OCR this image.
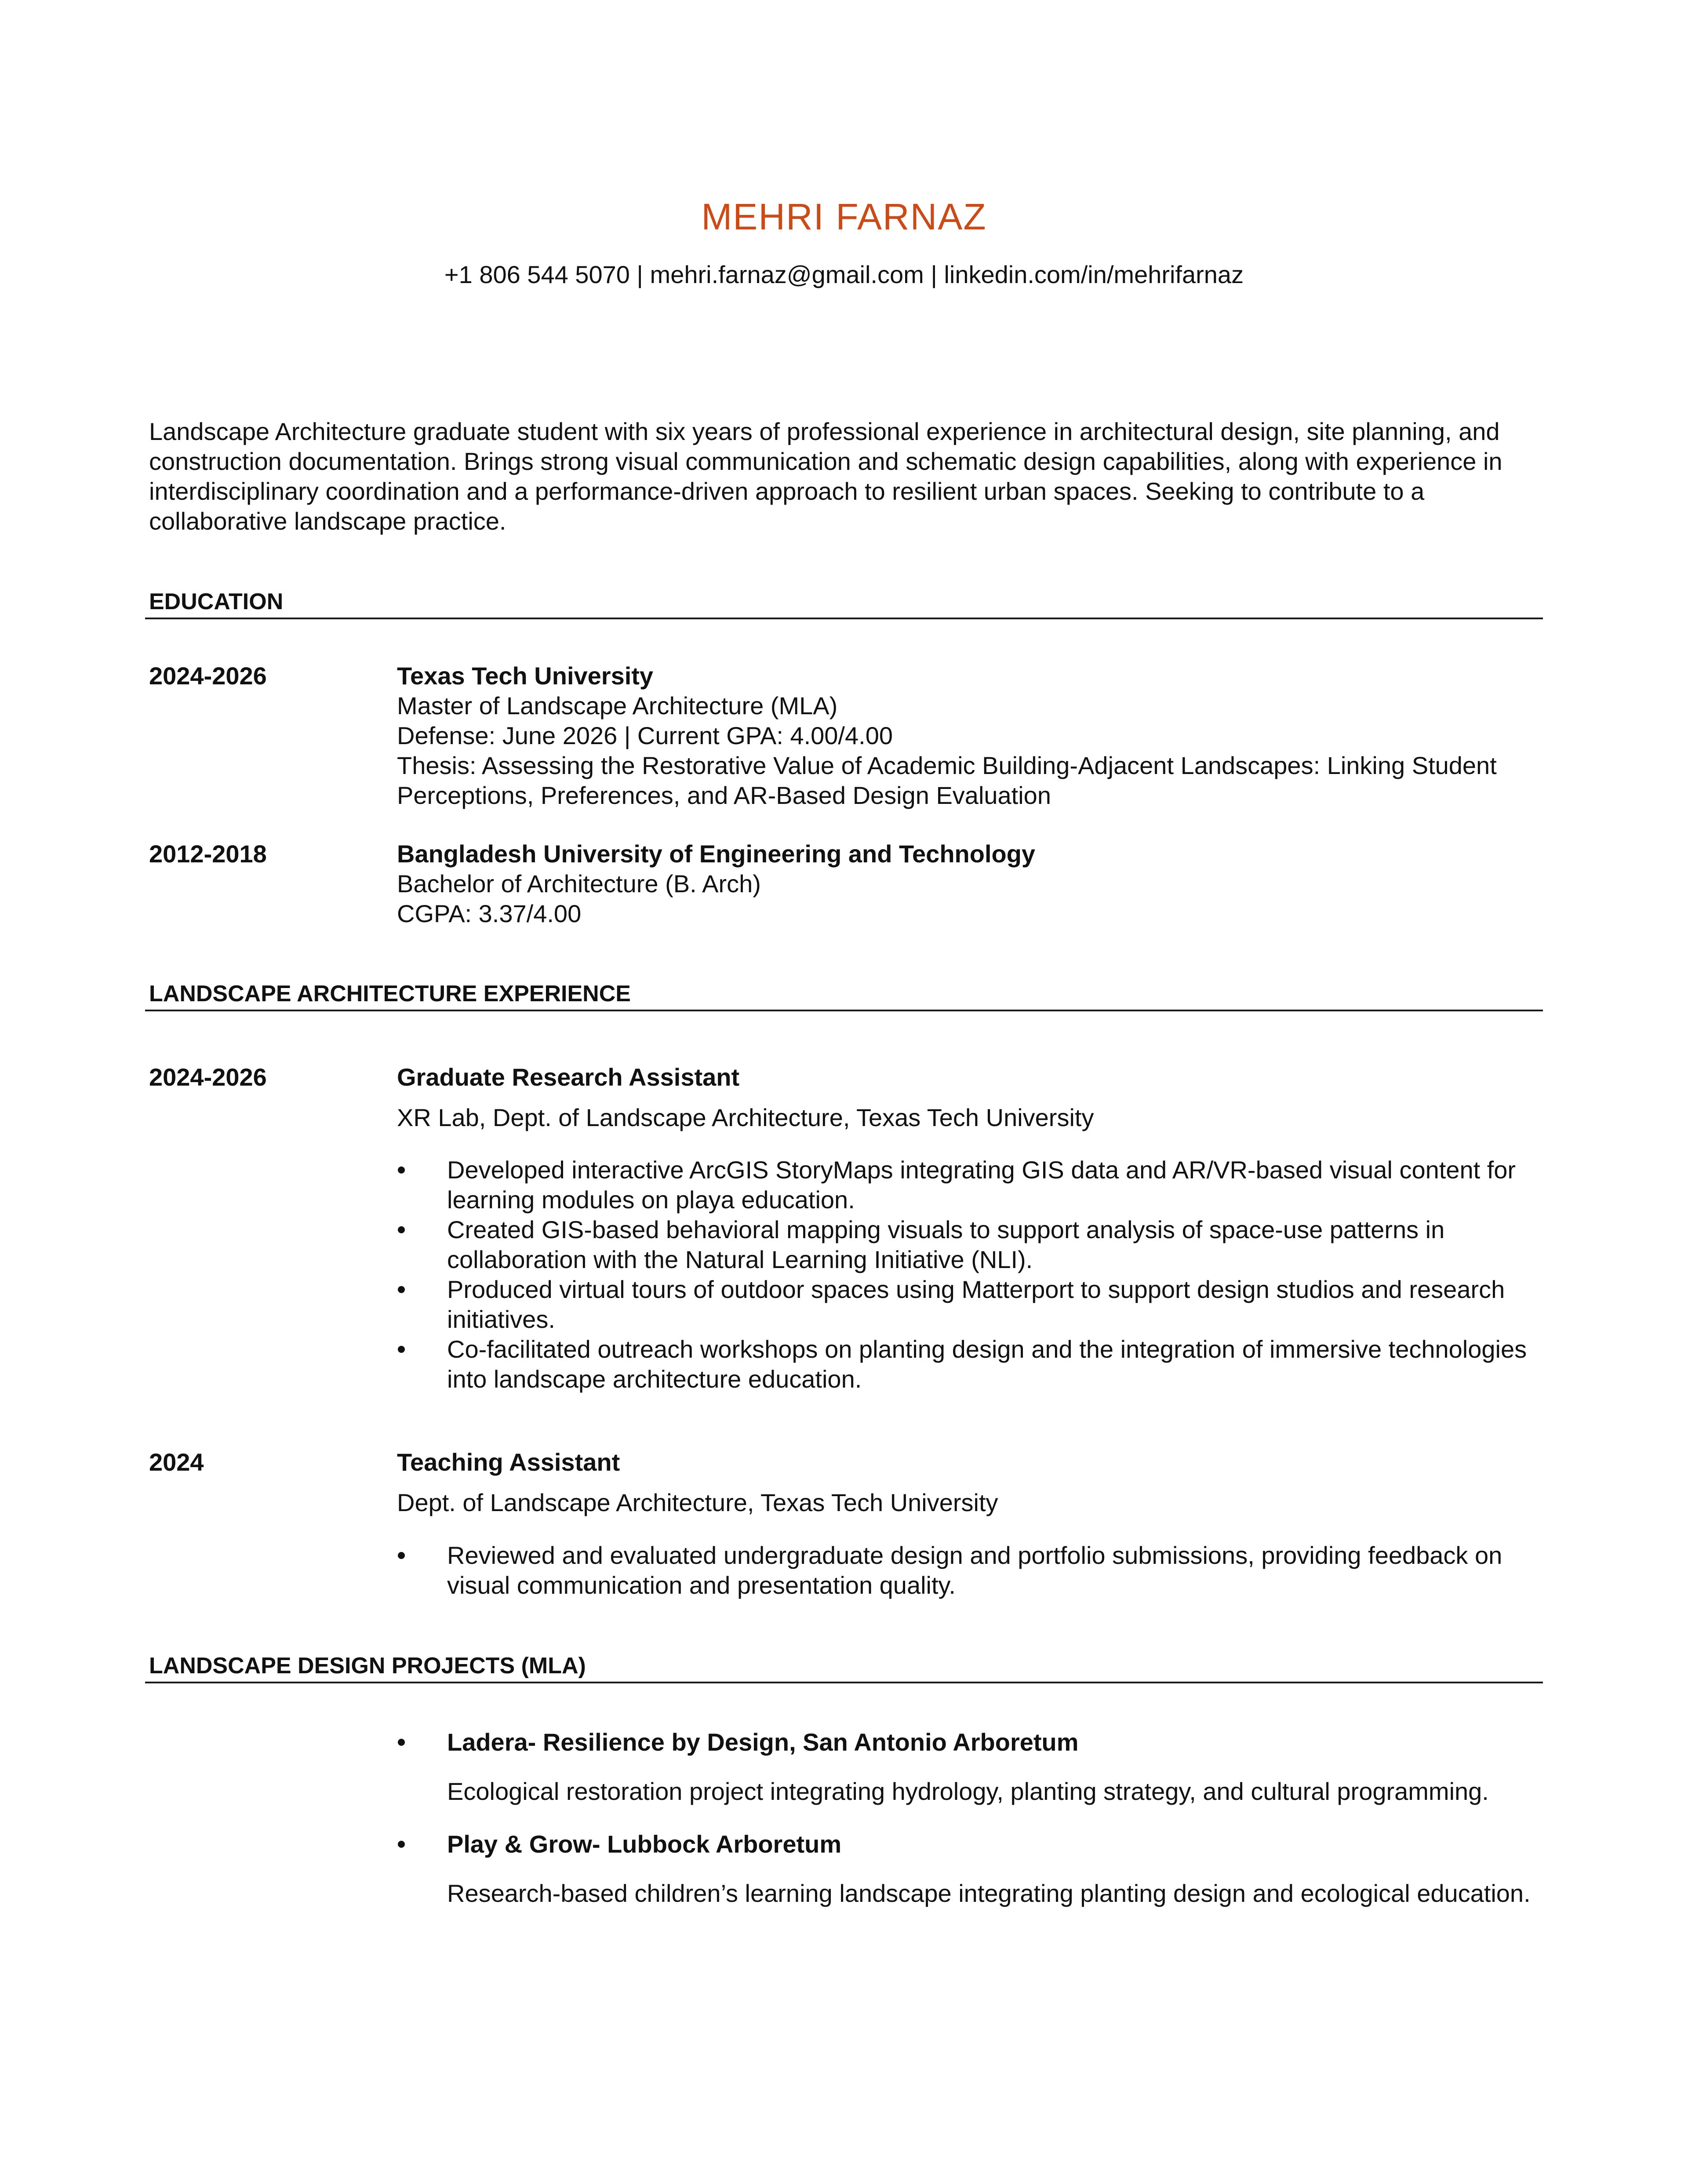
MEHRI FARNAZ
+1 806 544 5070 | mehri.farnaz@gmail.com | linkedin.com/in/mehrifarnaz
Landscape Architecture graduate student with six years of professional experience in architectural design, site planning, and construction documentation. Brings strong visual communication and schematic design capabilities, along with experience in interdisciplinary coordination and a performance-driven approach to resilient urban spaces. Seeking to contribute to a collaborative landscape practice.
EDUCATION
2024-2026	Texas Tech University
Master of Landscape Architecture (MLA)
Defense: June 2026 | Current GPA: 4.00/4.00
Thesis: Assessing the Restorative Value of Academic Building-Adjacent Landscapes: Linking Student Perceptions, Preferences, and AR-Based Design Evaluation
2012-2018	Bangladesh University of Engineering and Technology
Bachelor of Architecture (B. Arch)
CGPA: 3.37/4.00
LANDSCAPE ARCHITECTURE EXPERIENCE
2024-2026	Graduate Research Assistant
XR Lab, Dept. of Landscape Architecture, Texas Tech University
Developed interactive ArcGIS StoryMaps integrating GIS data and AR/VR-based visual content for learning modules on playa education.
Created GIS-based behavioral mapping visuals to support analysis of space-use patterns in collaboration with the Natural Learning Initiative (NLI).
Produced virtual tours of outdoor spaces using Matterport to support design studios and research initiatives.
Co-facilitated outreach workshops on planting design and the integration of immersive technologies into landscape architecture education.
2024	Teaching Assistant
Dept. of Landscape Architecture, Texas Tech University
Reviewed and evaluated undergraduate design and portfolio submissions, providing feedback on visual communication and presentation quality.
LANDSCAPE DESIGN PROJECTS (MLA)
Ladera- Resilience by Design, San Antonio Arboretum
Ecological restoration project integrating hydrology, planting strategy, and cultural programming.
Play & Grow- Lubbock Arboretum
Research-based children’s learning landscape integrating planting design and ecological education.
